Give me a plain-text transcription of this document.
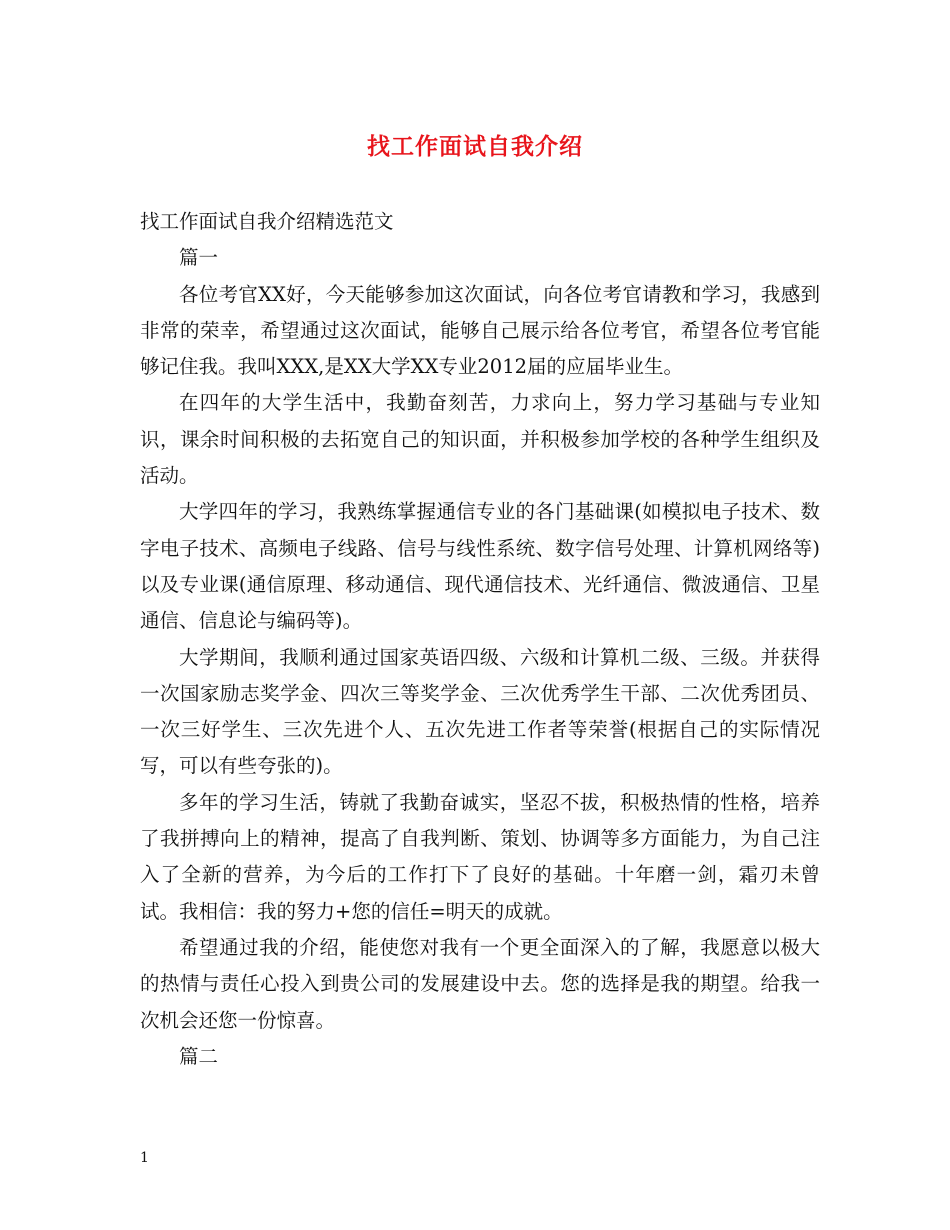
找工作面试自我介绍

找工作面试自我介绍精选范文

篇一

各位考官XX好，今天能够参加这次面试，向各位考官请教和学习，我感到非常的荣幸，希望通过这次面试，能够自己展示给各位考官，希望各位考官能够记住我。我叫XXX,是XX大学XX专业2012届的应届毕业生。

在四年的大学生活中，我勤奋刻苦，力求向上，努力学习基础与专业知识，课余时间积极的去拓宽自己的知识面，并积极参加学校的各种学生组织及活动。

大学四年的学习，我熟练掌握通信专业的各门基础课(如模拟电子技术、数字电子技术、高频电子线路、信号与线性系统、数字信号处理、计算机网络等)以及专业课(通信原理、移动通信、现代通信技术、光纤通信、微波通信、卫星通信、信息论与编码等)。

大学期间，我顺利通过国家英语四级、六级和计算机二级、三级。并获得一次国家励志奖学金、四次三等奖学金、三次优秀学生干部、二次优秀团员、一次三好学生、三次先进个人、五次先进工作者等荣誉(根据自己的实际情况写，可以有些夸张的)。

多年的学习生活，铸就了我勤奋诚实，坚忍不拔，积极热情的性格，培养了我拼搏向上的精神，提高了自我判断、策划、协调等多方面能力，为自己注入了全新的营养，为今后的工作打下了良好的基础。十年磨一剑，霜刃未曾试。我相信：我的努力+您的信任=明天的成就。

希望通过我的介绍，能使您对我有一个更全面深入的了解，我愿意以极大的热情与责任心投入到贵公司的发展建设中去。您的选择是我的期望。给我一次机会还您一份惊喜。

篇二

1
